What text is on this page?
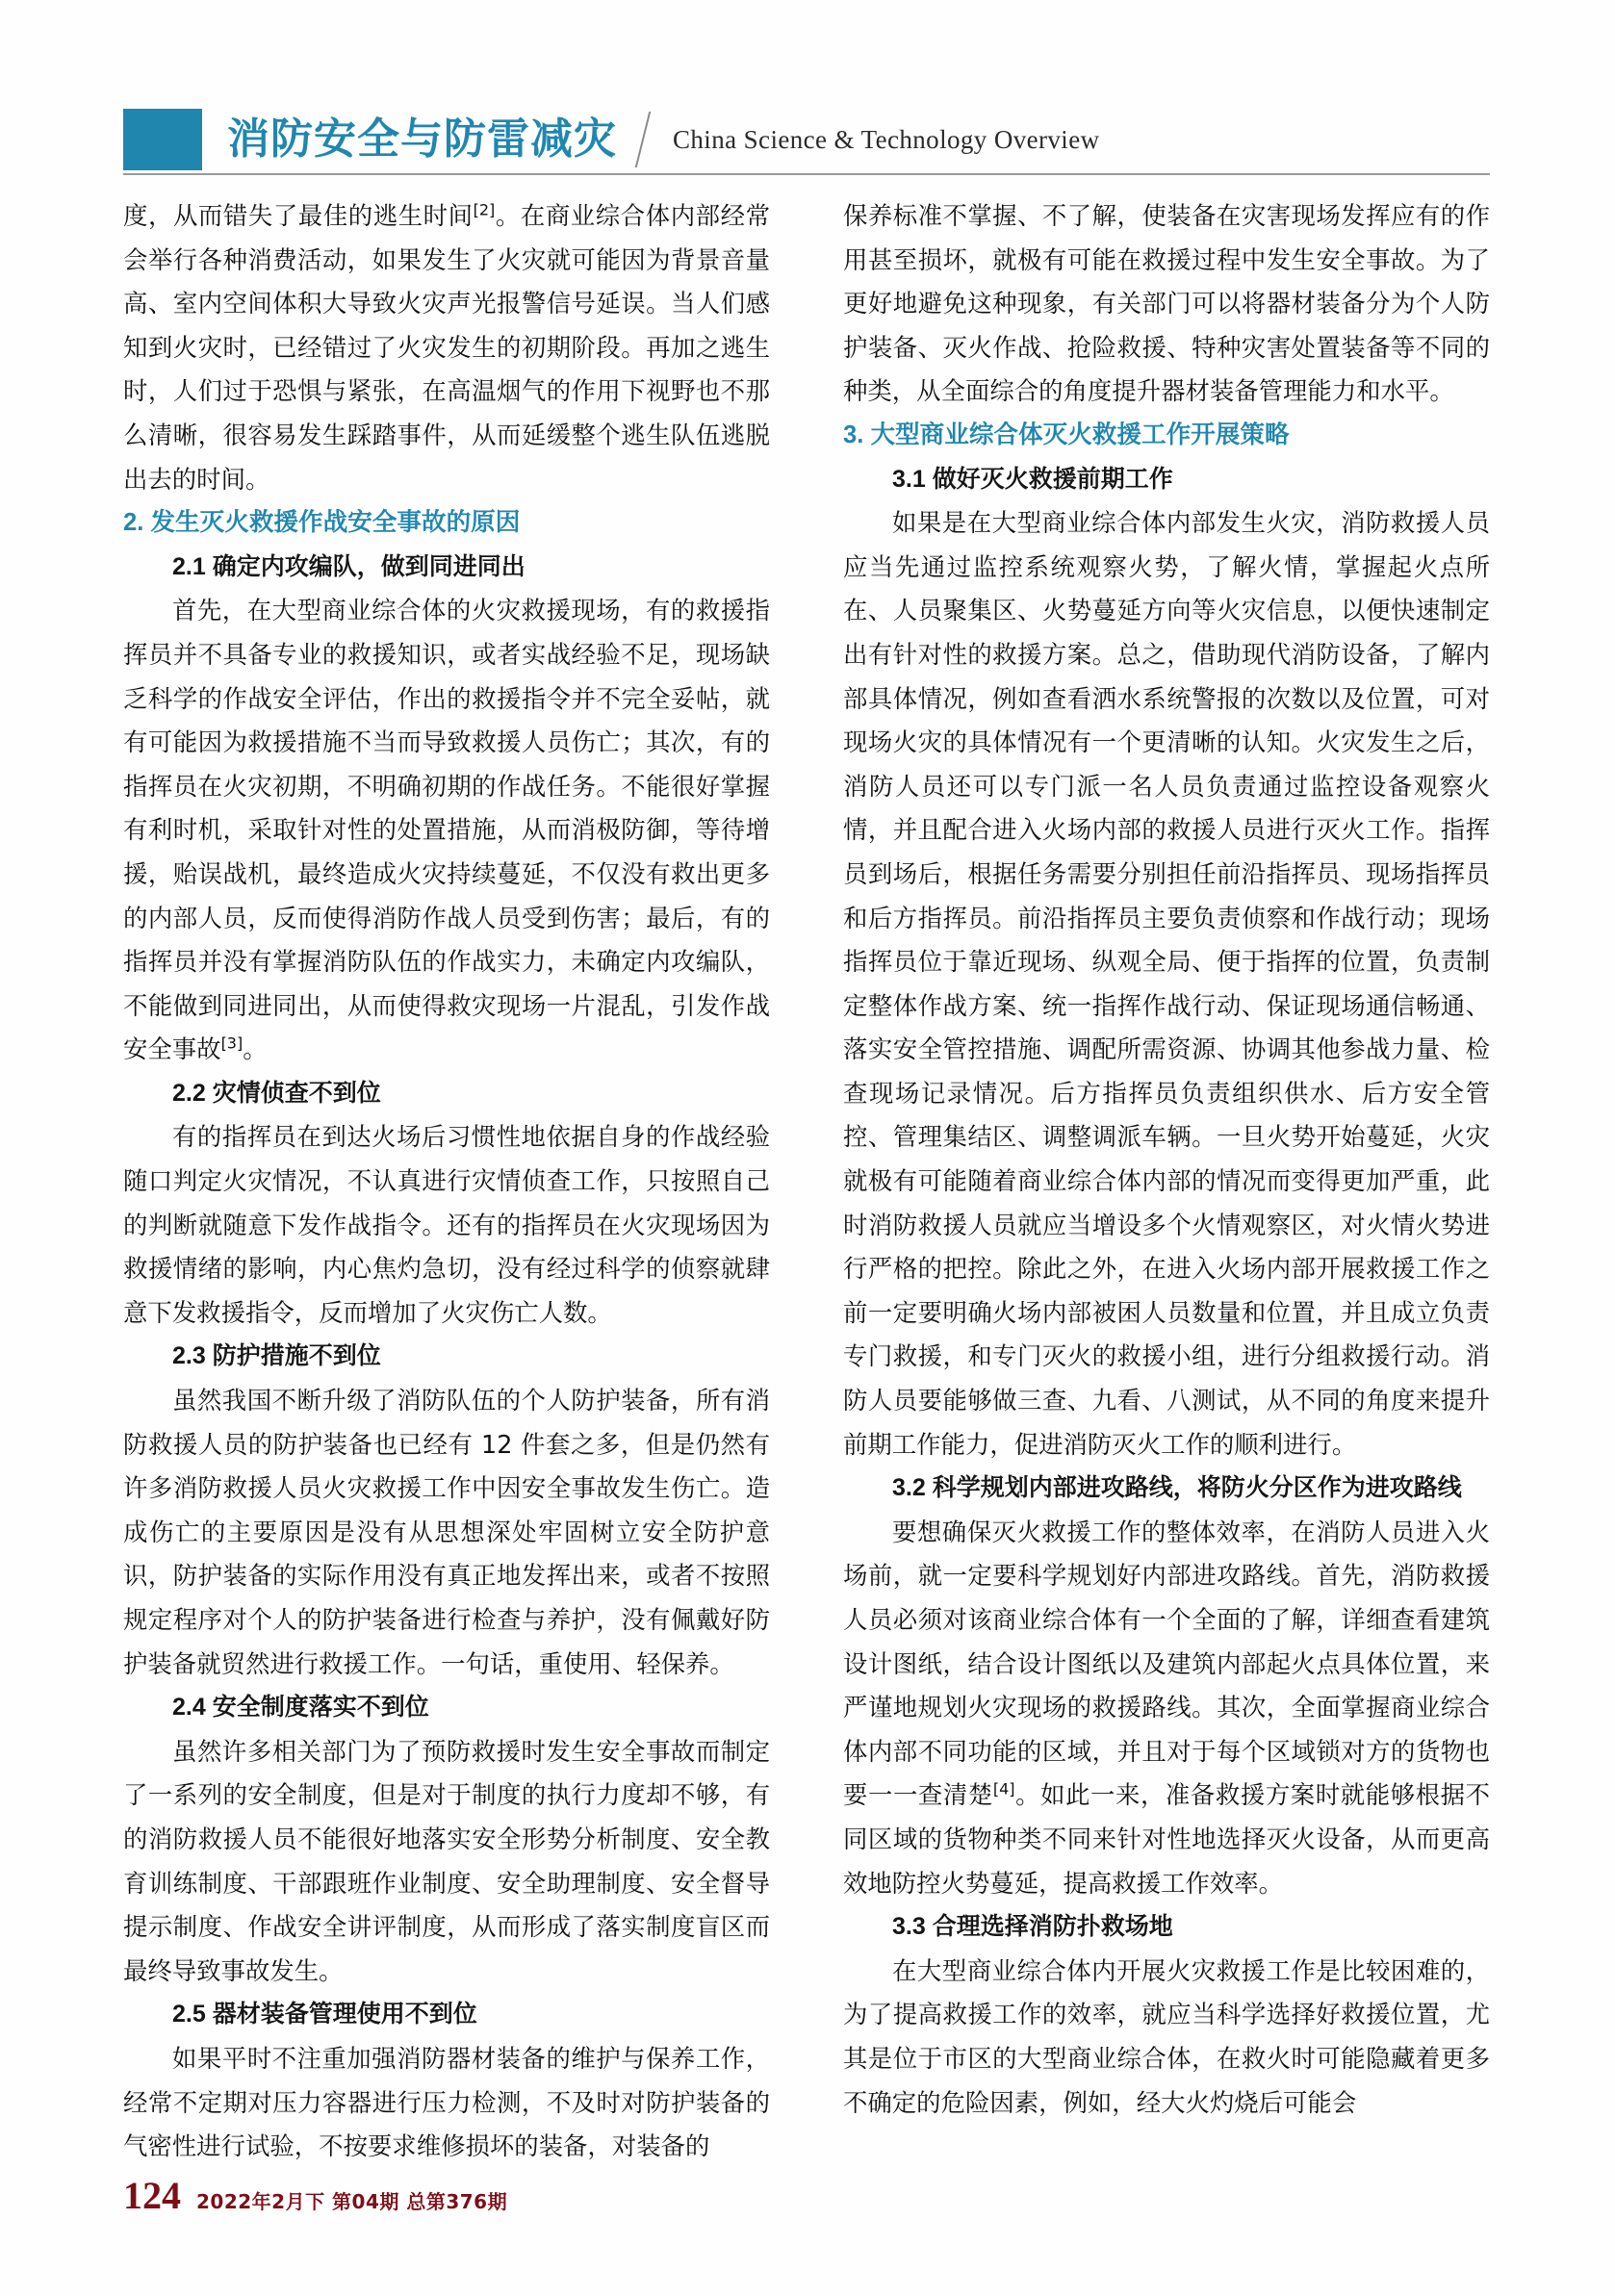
消防安全与防雷减灾 China Science & Technology Overview

度，从而错失了最佳的逃生时间[2]。在商业综合体内部经常会举行各种消费活动，如果发生了火灾就可能因为背景音量高、室内空间体积大导致火灾声光报警信号延误。当人们感知到火灾时，已经错过了火灾发生的初期阶段。再加之逃生时，人们过于恐惧与紧张，在高温烟气的作用下视野也不那么清晰，很容易发生踩踏事件，从而延缓整个逃生队伍逃脱出去的时间。

2. 发生灭火救援作战安全事故的原因
2.1 确定内攻编队，做到同进同出

首先，在大型商业综合体的火灾救援现场，有的救援指挥员并不具备专业的救援知识，或者实战经验不足，现场缺乏科学的作战安全评估，作出的救援指令并不完全妥帖，就有可能因为救援措施不当而导致救援人员伤亡；其次，有的指挥员在火灾初期，不明确初期的作战任务。不能很好掌握有利时机，采取针对性的处置措施，从而消极防御，等待增援，贻误战机，最终造成火灾持续蔓延，不仅没有救出更多的内部人员，反而使得消防作战人员受到伤害；最后，有的指挥员并没有掌握消防队伍的作战实力，未确定内攻编队，不能做到同进同出，从而使得救灾现场一片混乱，引发作战安全事故[3]。

2.2 灾情侦查不到位

有的指挥员在到达火场后习惯性地依据自身的作战经验随口判定火灾情况，不认真进行灾情侦查工作，只按照自己的判断就随意下发作战指令。还有的指挥员在火灾现场因为救援情绪的影响，内心焦灼急切，没有经过科学的侦察就肆意下发救援指令，反而增加了火灾伤亡人数。

2.3 防护措施不到位

虽然我国不断升级了消防队伍的个人防护装备，所有消防救援人员的防护装备也已经有 12 件套之多，但是仍然有许多消防救援人员火灾救援工作中因安全事故发生伤亡。造成伤亡的主要原因是没有从思想深处牢固树立安全防护意识，防护装备的实际作用没有真正地发挥出来，或者不按照规定程序对个人的防护装备进行检查与养护，没有佩戴好防护装备就贸然进行救援工作。一句话，重使用、轻保养。

2.4 安全制度落实不到位

虽然许多相关部门为了预防救援时发生安全事故而制定了一系列的安全制度，但是对于制度的执行力度却不够，有的消防救援人员不能很好地落实安全形势分析制度、安全教育训练制度、干部跟班作业制度、安全助理制度、安全督导提示制度、作战安全讲评制度，从而形成了落实制度盲区而最终导致事故发生。

2.5 器材装备管理使用不到位

如果平时不注重加强消防器材装备的维护与保养工作，经常不定期对压力容器进行压力检测，不及时对防护装备的气密性进行试验，不按要求维修损坏的装备，对装备的

保养标准不掌握、不了解，使装备在灾害现场发挥应有的作用甚至损坏，就极有可能在救援过程中发生安全事故。为了更好地避免这种现象，有关部门可以将器材装备分为个人防护装备、灭火作战、抢险救援、特种灾害处置装备等不同的种类，从全面综合的角度提升器材装备管理能力和水平。

3. 大型商业综合体灭火救援工作开展策略
3.1 做好灭火救援前期工作

如果是在大型商业综合体内部发生火灾，消防救援人员应当先通过监控系统观察火势，了解火情，掌握起火点所在、人员聚集区、火势蔓延方向等火灾信息，以便快速制定出有针对性的救援方案。总之，借助现代消防设备，了解内部具体情况，例如查看洒水系统警报的次数以及位置，可对现场火灾的具体情况有一个更清晰的认知。火灾发生之后，消防人员还可以专门派一名人员负责通过监控设备观察火情，并且配合进入火场内部的救援人员进行灭火工作。指挥员到场后，根据任务需要分别担任前沿指挥员、现场指挥员和后方指挥员。前沿指挥员主要负责侦察和作战行动；现场指挥员位于靠近现场、纵观全局、便于指挥的位置，负责制定整体作战方案、统一指挥作战行动、保证现场通信畅通、落实安全管控措施、调配所需资源、协调其他参战力量、检查现场记录情况。后方指挥员负责组织供水、后方安全管控、管理集结区、调整调派车辆。一旦火势开始蔓延，火灾就极有可能随着商业综合体内部的情况而变得更加严重，此时消防救援人员就应当增设多个火情观察区，对火情火势进行严格的把控。除此之外，在进入火场内部开展救援工作之前一定要明确火场内部被困人员数量和位置，并且成立负责专门救援，和专门灭火的救援小组，进行分组救援行动。消防人员要能够做三查、九看、八测试，从不同的角度来提升前期工作能力，促进消防灭火工作的顺利进行。

3.2 科学规划内部进攻路线，将防火分区作为进攻路线

要想确保灭火救援工作的整体效率，在消防人员进入火场前，就一定要科学规划好内部进攻路线。首先，消防救援人员必须对该商业综合体有一个全面的了解，详细查看建筑设计图纸，结合设计图纸以及建筑内部起火点具体位置，来严谨地规划火灾现场的救援路线。其次，全面掌握商业综合体内部不同功能的区域，并且对于每个区域锁对方的货物也要一一查清楚[4]。如此一来，准备救援方案时就能够根据不同区域的货物种类不同来针对性地选择灭火设备，从而更高效地防控火势蔓延，提高救援工作效率。

3.3 合理选择消防扑救场地

在大型商业综合体内开展火灾救援工作是比较困难的，为了提高救援工作的效率，就应当科学选择好救援位置，尤其是位于市区的大型商业综合体，在救火时可能隐藏着更多不确定的危险因素，例如，经大火灼烧后可能会

124 2022年2月下 第04期 总第376期
